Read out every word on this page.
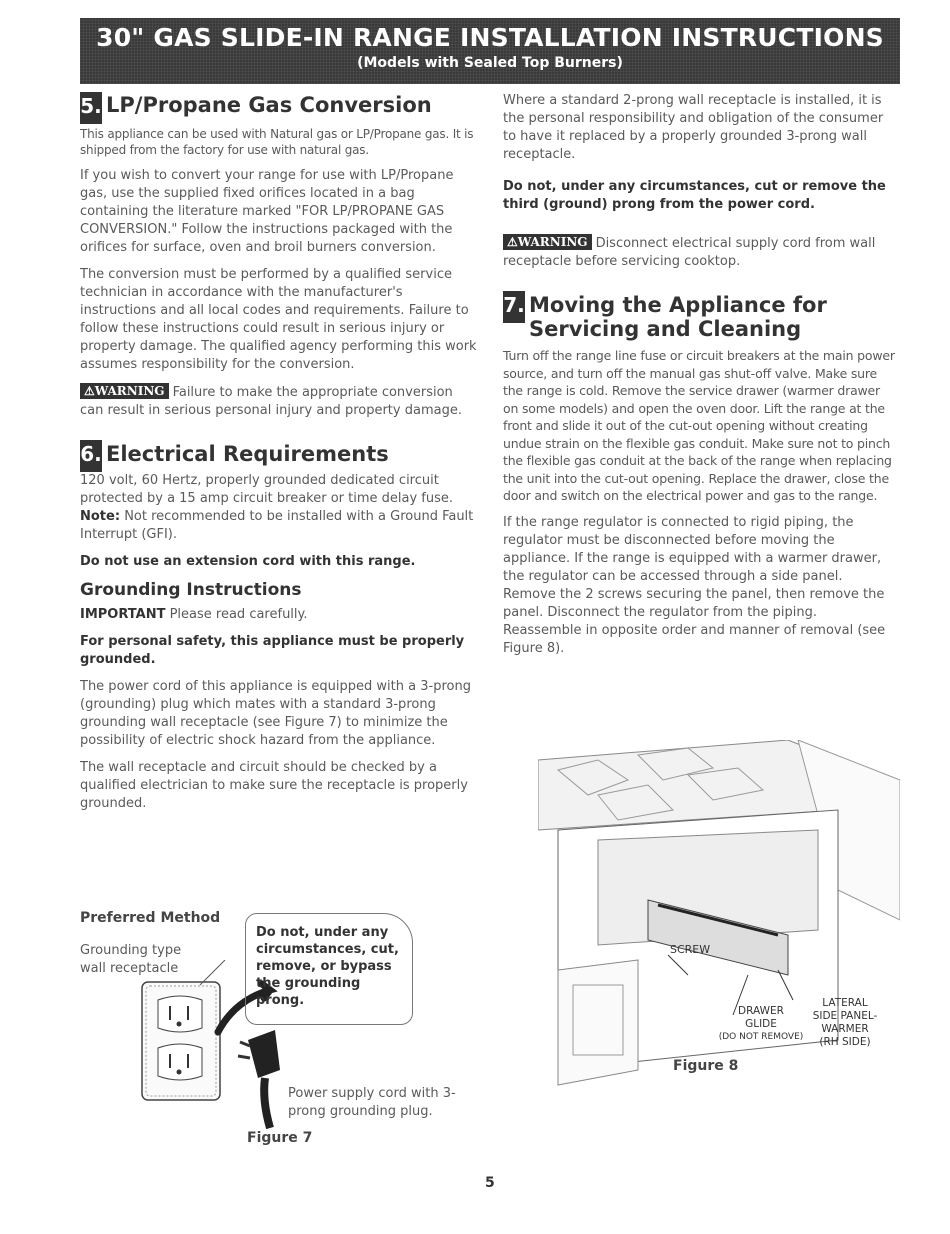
30" GAS SLIDE-IN RANGE INSTALLATION INSTRUCTIONS
(Models with Sealed Top Burners)
5. LP/Propane Gas Conversion

This appliance can be used with Natural gas or LP/Propane gas. It is shipped from the factory for use with natural gas.

If you wish to convert your range for use with LP/Propane gas, use the supplied fixed orifices located in a bag containing the literature marked "FOR LP/PROPANE GAS CONVERSION." Follow the instructions packaged with the orifices for surface, oven and broil burners conversion.

The conversion must be performed by a qualified service technician in accordance with the manufacturer's instructions and all local codes and requirements. Failure to follow these instructions could result in serious injury or property damage. The qualified agency performing this work assumes responsibility for the conversion.

⚠WARNING Failure to make the appropriate conversion can result in serious personal injury and property damage.

6. Electrical Requirements

120 volt, 60 Hertz, properly grounded dedicated circuit protected by a 15 amp circuit breaker or time delay fuse. Note: Not recommended to be installed with a Ground Fault Interrupt (GFI).

Do not use an extension cord with this range.

Grounding Instructions

IMPORTANT Please read carefully.

For personal safety, this appliance must be properly grounded.

The power cord of this appliance is equipped with a 3-prong (grounding) plug which mates with a standard 3-prong grounding wall receptacle (see Figure 7) to minimize the possibility of electric shock hazard from the appliance.

The wall receptacle and circuit should be checked by a qualified electrician to make sure the receptacle is properly grounded.

Preferred Method
Grounding type wall receptacle
Do not, under any circumstances, cut, remove, or bypass the grounding prong.
Power supply cord with 3-prong grounding plug.
Figure 7

Where a standard 2-prong wall receptacle is installed, it is the personal responsibility and obligation of the consumer to have it replaced by a properly grounded 3-prong wall receptacle.

Do not, under any circumstances, cut or remove the third (ground) prong from the power cord.

⚠WARNING Disconnect electrical supply cord from wall receptacle before servicing cooktop.

7. Moving the Appliance for Servicing and Cleaning

Turn off the range line fuse or circuit breakers at the main power source, and turn off the manual gas shut-off valve. Make sure the range is cold. Remove the service drawer (warmer drawer on some models) and open the oven door. Lift the range at the front and slide it out of the cut-out opening without creating undue strain on the flexible gas conduit. Make sure not to pinch the flexible gas conduit at the back of the range when replacing the unit into the cut-out opening. Replace the drawer, close the door and switch on the electrical power and gas to the range.

If the range regulator is connected to rigid piping, the regulator must be disconnected before moving the appliance. If the range is equipped with a warmer drawer, the regulator can be accessed through a side panel. Remove the 2 screws securing the panel, then remove the panel. Disconnect the regulator from the piping. Reassemble in opposite order and manner of removal (see Figure 8).

SCREW
DRAWER
GLIDE
(DO NOT REMOVE)
LATERAL
SIDE PANEL-
WARMER
(RH SIDE)
Figure 8
5
